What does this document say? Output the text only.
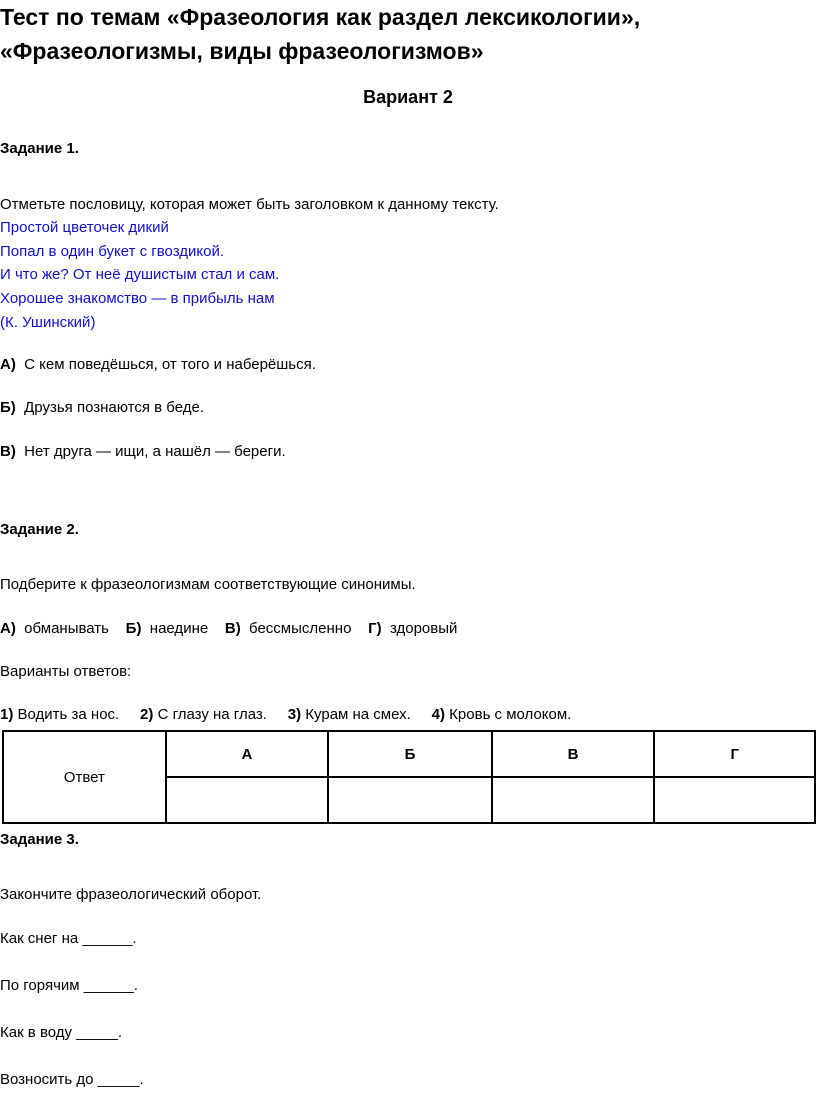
Тест по темам «Фразеология как раздел лексикологии», «Фразеологизмы, виды фразеологизмов»
Вариант 2
Задание 1.
Отметьте пословицу, которая может быть заголовком к данному тексту.
Простой цветочек дикий
Попал в один букет с гвоздикой.
И что же? От неё душистым стал и сам.
Хорошее знакомство — в прибыль нам
(К. Ушинский)
А) С кем поведёшься, от того и наберёшься.
Б) Друзья познаются в беде.
В) Нет друга — ищи, а нашёл — береги.
Задание 2.
Подберите к фразеологизмам соответствующие синонимы.
А) обманывать Б) наедине В) бессмысленно Г) здоровый
Варианты ответов:
1) Водить за нос. 2) С глазу на глаз. 3) Курам на смех. 4) Кровь с молоком.
Ответ	А	Б	В	Г

Задание 3.
Закончите фразеологический оборот.
Как снег на ______.
По горячим ______.
Как в воду _____.
Возносить до _____.
